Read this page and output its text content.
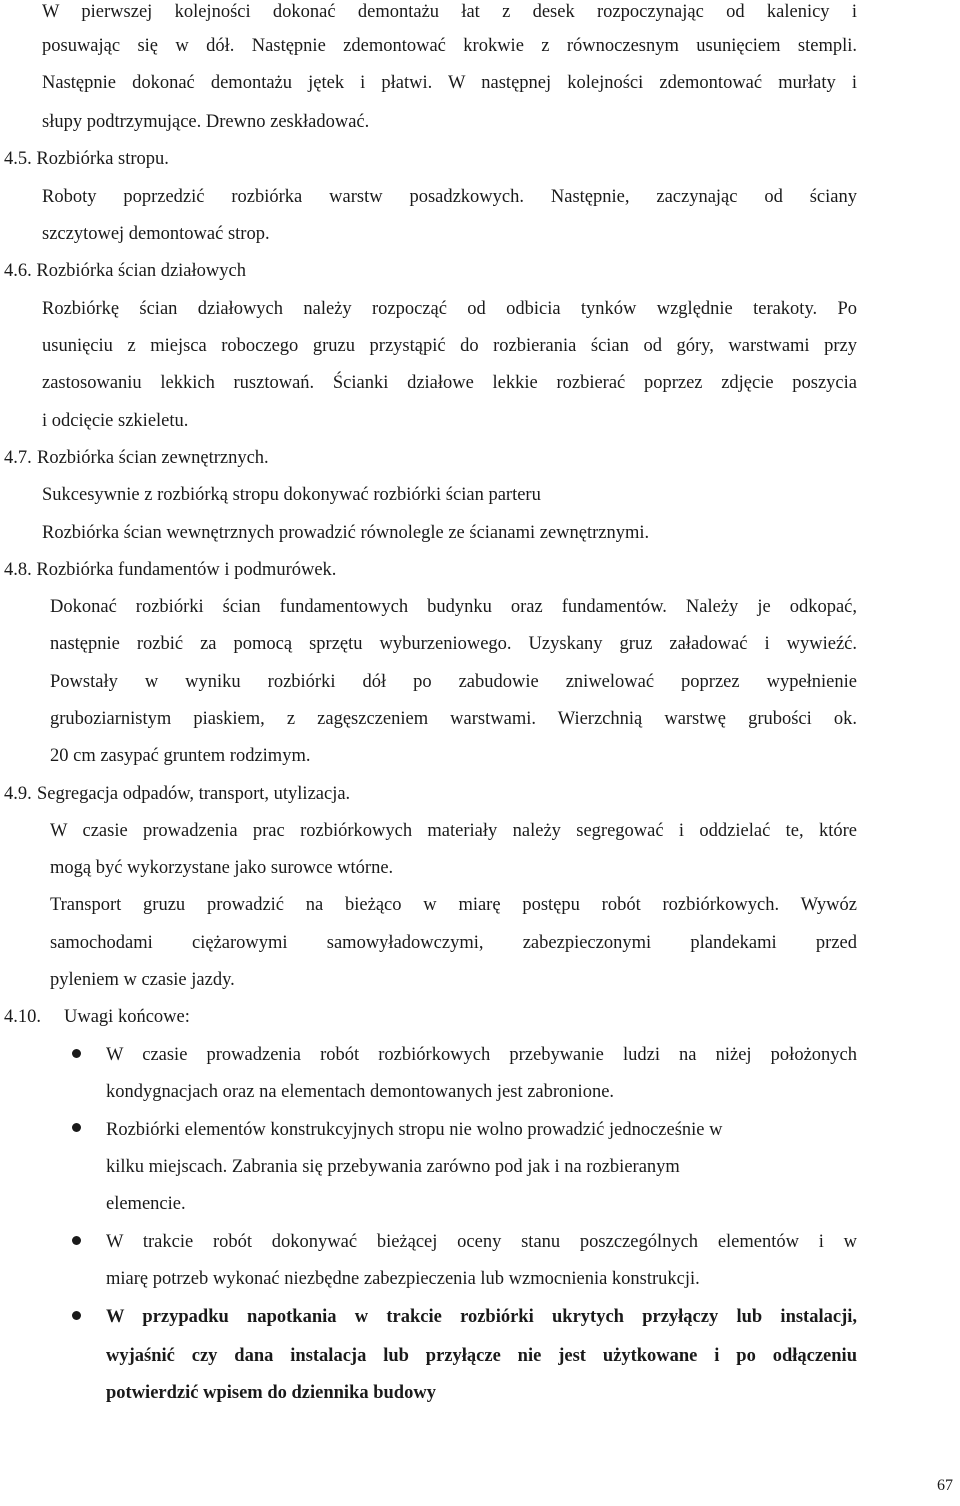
W pierwszej kolejności dokonać demontażu łat z desek rozpoczynając od kalenicy i
posuwając się w dół. Następnie zdemontować krokwie z równoczesnym usunięciem stempli.
Następnie dokonać demontażu jętek i płatwi. W następnej kolejności zdemontować murłaty i
słupy podtrzymujące. Drewno zeskładować.
4.5. Rozbiórka stropu.
Roboty poprzedzić rozbiórka warstw posadzkowych. Następnie, zaczynając od ściany
szczytowej demontować strop.
4.6. Rozbiórka ścian działowych
Rozbiórkę ścian działowych należy rozpocząć od odbicia tynków względnie terakoty. Po
usunięciu z miejsca roboczego gruzu przystąpić do rozbierania ścian od góry, warstwami przy
zastosowaniu lekkich rusztowań. Ścianki działowe lekkie rozbierać poprzez zdjęcie poszycia
i odcięcie szkieletu.
4.7. Rozbiórka ścian zewnętrznych.
Sukcesywnie z rozbiórką stropu dokonywać rozbiórki ścian parteru
Rozbiórka ścian wewnętrznych prowadzić równolegle ze ścianami zewnętrznymi.
4.8. Rozbiórka fundamentów i podmurówek.
Dokonać rozbiórki ścian fundamentowych budynku oraz fundamentów. Należy je odkopać,
następnie rozbić za pomocą sprzętu wyburzeniowego. Uzyskany gruz załadować i wywieźć.
Powstały w wyniku rozbiórki dół po zabudowie zniwelować poprzez wypełnienie
gruboziarnistym piaskiem, z zagęszczeniem warstwami. Wierzchnią warstwę grubości ok.
20 cm zasypać gruntem rodzimym.
4.9. Segregacja odpadów, transport, utylizacja.
W czasie prowadzenia prac rozbiórkowych materiały należy segregować i oddzielać te, które
mogą być wykorzystane jako surowce wtórne.
Transport gruzu prowadzić na bieżąco w miarę postępu robót rozbiórkowych. Wywóz
samochodami ciężarowymi samowyładowczymi, zabezpieczonymi plandekami przed
pyleniem w czasie jazdy.
4.10. Uwagi końcowe:
W czasie prowadzenia robót rozbiórkowych przebywanie ludzi na niżej położonych
kondygnacjach oraz na elementach demontowanych jest zabronione.
Rozbiórki elementów konstrukcyjnych stropu nie wolno prowadzić jednocześnie w
kilku miejscach. Zabrania się przebywania zarówno pod jak i na rozbieranym
elemencie.
W trakcie robót dokonywać bieżącej oceny stanu poszczególnych elementów i w
miarę potrzeb wykonać niezbędne zabezpieczenia lub wzmocnienia konstrukcji.
W przypadku napotkania w trakcie rozbiórki ukrytych przyłączy lub instalacji,
wyjaśnić czy dana instalacja lub przyłącze nie jest użytkowane i po odłączeniu
potwierdzić wpisem do dziennika budowy
67
